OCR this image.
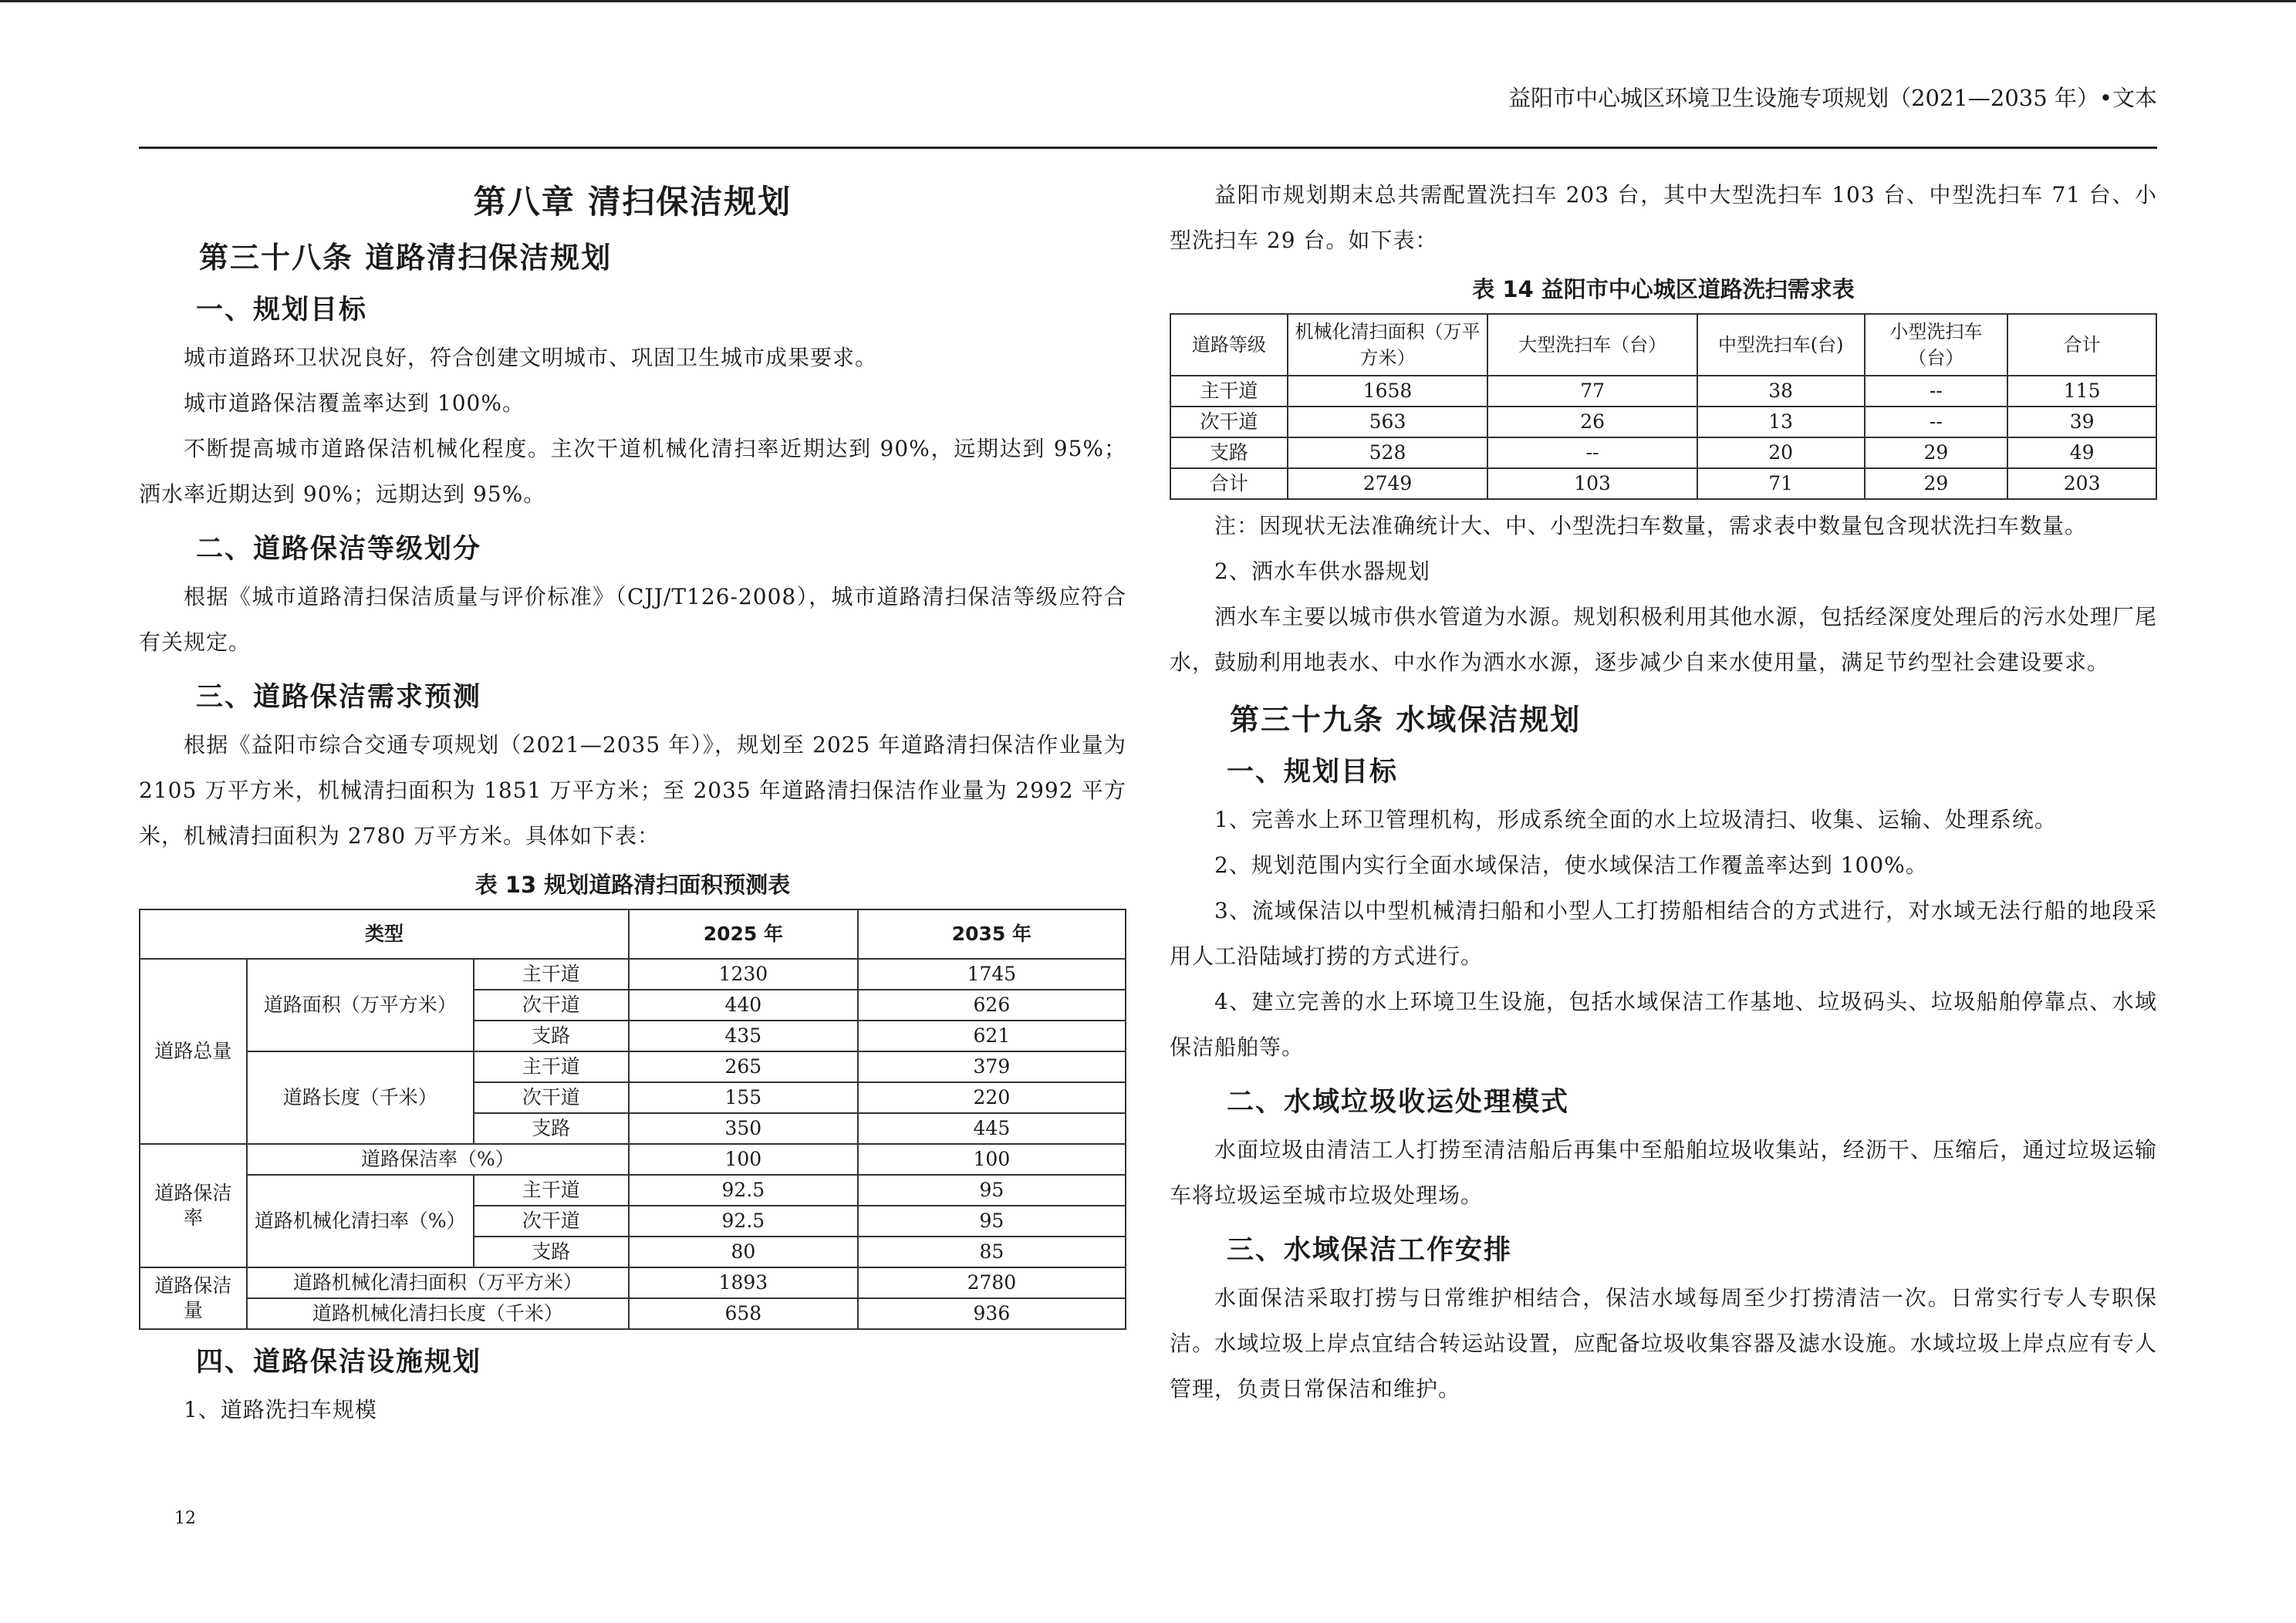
益阳市中心城区环境卫生设施专项规划（2021—2035 年）•文本
第八章 清扫保洁规划
第三十八条 道路清扫保洁规划
一、规划目标

城市道路环卫状况良好，符合创建文明城市、巩固卫生城市成果要求。

城市道路保洁覆盖率达到 100%。

不断提高城市道路保洁机械化程度。主次干道机械化清扫率近期达到 90%，远期达到 95%；洒水率近期达到 90%；远期达到 95%。

二、道路保洁等级划分

根据《城市道路清扫保洁质量与评价标准》（CJJ/T126-2008），城市道路清扫保洁等级应符合有关规定。

三、道路保洁需求预测

根据《益阳市综合交通专项规划（2021—2035 年）》，规划至 2025 年道路清扫保洁作业量为 2105 万平方米，机械清扫面积为 1851 万平方米；至 2035 年道路清扫保洁作业量为 2992 平方米，机械清扫面积为 2780 万平方米。具体如下表：

表 13 规划道路清扫面积预测表
类型			2025 年	2035 年
道路总量	道路面积（万平方米）	主干道	1230	1745
		次干道	440	626
		支路	435	621
	道路长度（千米）	主干道	265	379
		次干道	155	220
		支路	350	445
道路保洁率	道路保洁率（%）		100	100
	道路机械化清扫率（%）	主干道	92.5	95
		次干道	92.5	95
		支路	80	85
道路保洁量	道路机械化清扫面积（万平方米）		1893	2780
	道路机械化清扫长度（千米）		658	936
四、道路保洁设施规划

1、道路洗扫车规模

12

益阳市规划期末总共需配置洗扫车 203 台，其中大型洗扫车 103 台、中型洗扫车 71 台、小型洗扫车 29 台。如下表：

表 14 益阳市中心城区道路洗扫需求表
道路等级	机械化清扫面积（万平方米）	大型洗扫车（台）	中型洗扫车(台)	小型洗扫车（台）	合计
主干道	1658	77	38	--	115
次干道	563	26	13	--	39
支路	528	--	20	29	49
合计	2749	103	71	29	203

注：因现状无法准确统计大、中、小型洗扫车数量，需求表中数量包含现状洗扫车数量。

2、洒水车供水器规划

洒水车主要以城市供水管道为水源。规划积极利用其他水源，包括经深度处理后的污水处理厂尾水，鼓励利用地表水、中水作为洒水水源，逐步减少自来水使用量，满足节约型社会建设要求。

第三十九条 水域保洁规划
一、规划目标

1、完善水上环卫管理机构，形成系统全面的水上垃圾清扫、收集、运输、处理系统。

2、规划范围内实行全面水域保洁，使水域保洁工作覆盖率达到 100%。

3、流域保洁以中型机械清扫船和小型人工打捞船相结合的方式进行，对水域无法行船的地段采用人工沿陆域打捞的方式进行。

4、建立完善的水上环境卫生设施，包括水域保洁工作基地、垃圾码头、垃圾船舶停靠点、水域保洁船舶等。

二、水域垃圾收运处理模式

水面垃圾由清洁工人打捞至清洁船后再集中至船舶垃圾收集站，经沥干、压缩后，通过垃圾运输车将垃圾运至城市垃圾处理场。

三、水域保洁工作安排

水面保洁采取打捞与日常维护相结合，保洁水域每周至少打捞清洁一次。日常实行专人专职保洁。水域垃圾上岸点宜结合转运站设置，应配备垃圾收集容器及滤水设施。水域垃圾上岸点应有专人管理，负责日常保洁和维护。
